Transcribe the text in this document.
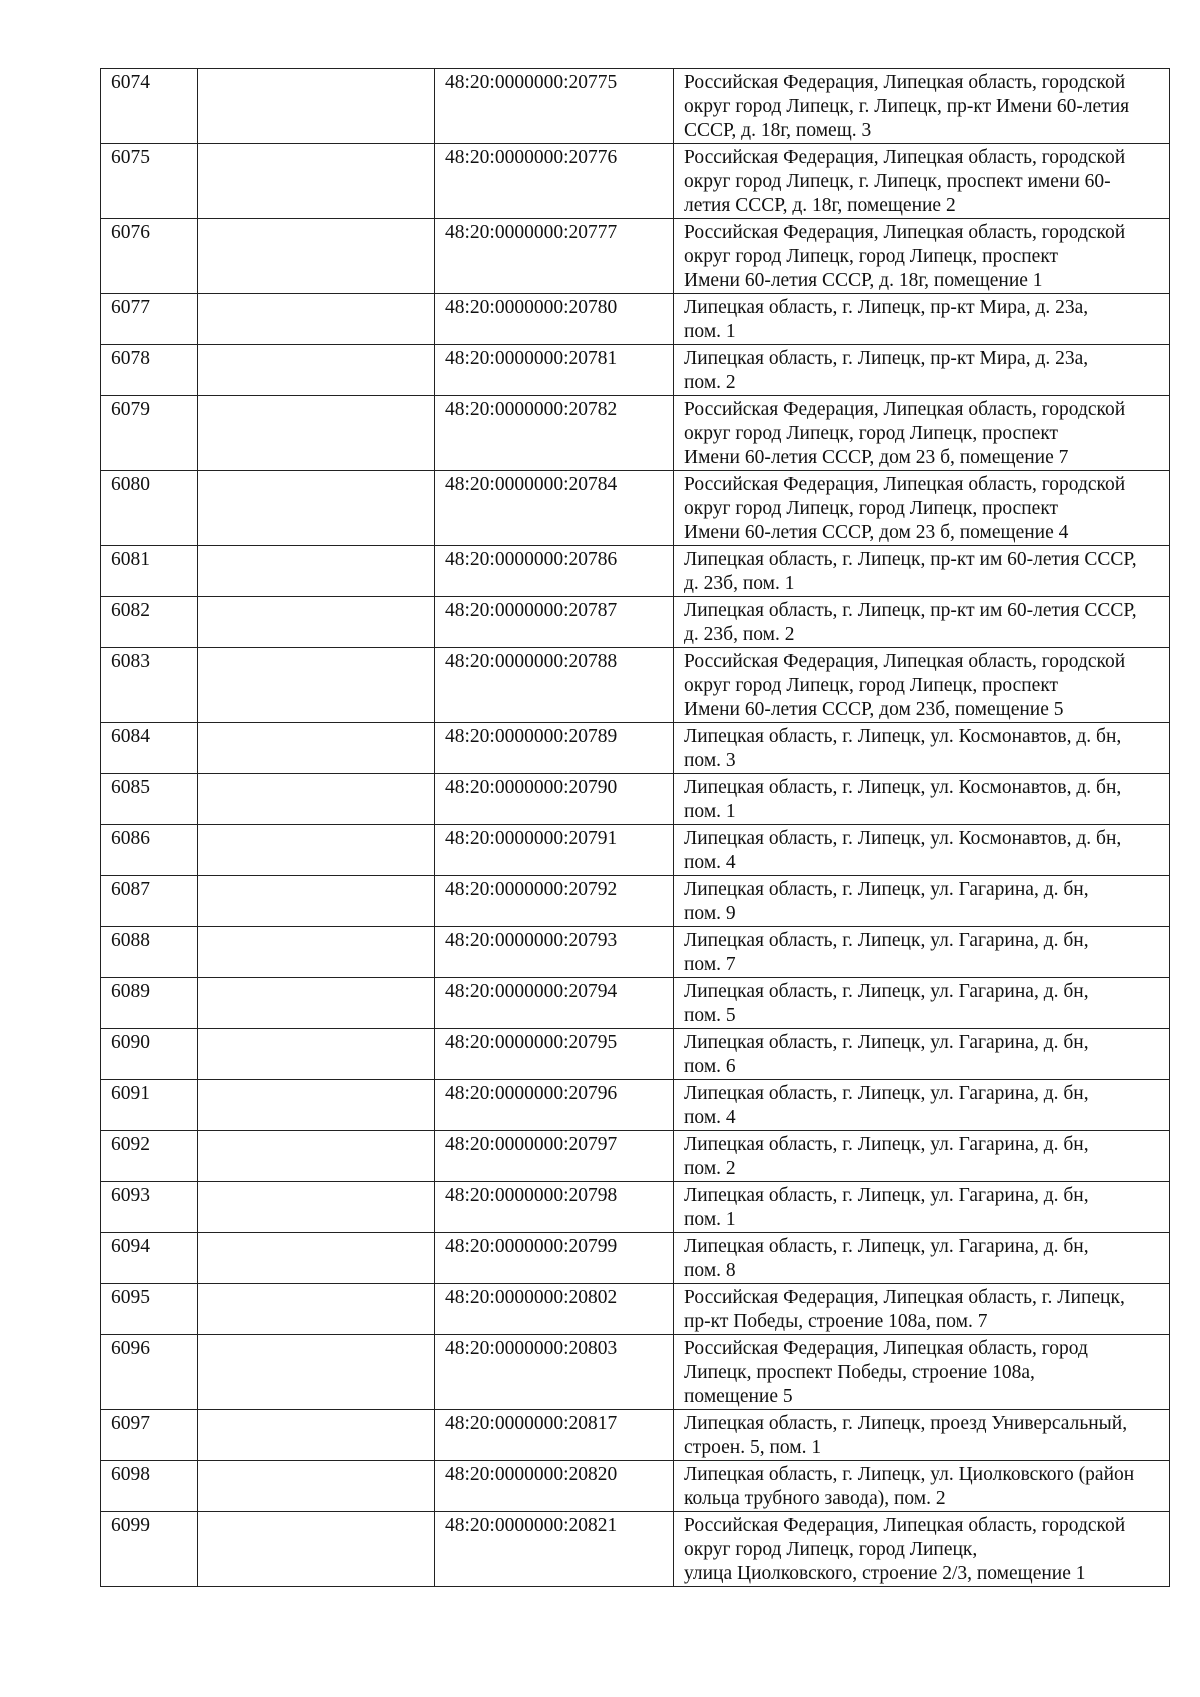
6074		48:20:0000000:20775	Российская Федерация, Липецкая область, городской
округ город Липецк, г. Липецк, пр-кт Имени 60-летия
СССР, д. 18г, помещ. 3
6075		48:20:0000000:20776	Российская Федерация, Липецкая область, городской
округ город Липецк, г. Липецк, проспект имени 60-
летия СССР, д. 18г, помещение 2
6076		48:20:0000000:20777	Российская Федерация, Липецкая область, городской
округ город Липецк, город Липецк, проспект
Имени 60-летия СССР, д. 18г, помещение 1
6077		48:20:0000000:20780	Липецкая область, г. Липецк, пр-кт Мира, д. 23а,
пом. 1
6078		48:20:0000000:20781	Липецкая область, г. Липецк, пр-кт Мира, д. 23а,
пом. 2
6079		48:20:0000000:20782	Российская Федерация, Липецкая область, городской
округ город Липецк, город Липецк, проспект
Имени 60-летия СССР, дом 23 б, помещение 7
6080		48:20:0000000:20784	Российская Федерация, Липецкая область, городской
округ город Липецк, город Липецк, проспект
Имени 60-летия СССР, дом 23 б, помещение 4
6081		48:20:0000000:20786	Липецкая область, г. Липецк, пр-кт им 60-летия СССР,
д. 23б, пом. 1
6082		48:20:0000000:20787	Липецкая область, г. Липецк, пр-кт им 60-летия СССР,
д. 23б, пом. 2
6083		48:20:0000000:20788	Российская Федерация, Липецкая область, городской
округ город Липецк, город Липецк, проспект
Имени 60-летия СССР, дом 23б, помещение 5
6084		48:20:0000000:20789	Липецкая область, г. Липецк, ул. Космонавтов, д. бн,
пом. 3
6085		48:20:0000000:20790	Липецкая область, г. Липецк, ул. Космонавтов, д. бн,
пом. 1
6086		48:20:0000000:20791	Липецкая область, г. Липецк, ул. Космонавтов, д. бн,
пом. 4
6087		48:20:0000000:20792	Липецкая область, г. Липецк, ул. Гагарина, д. бн,
пом. 9
6088		48:20:0000000:20793	Липецкая область, г. Липецк, ул. Гагарина, д. бн,
пом. 7
6089		48:20:0000000:20794	Липецкая область, г. Липецк, ул. Гагарина, д. бн,
пом. 5
6090		48:20:0000000:20795	Липецкая область, г. Липецк, ул. Гагарина, д. бн,
пом. 6
6091		48:20:0000000:20796	Липецкая область, г. Липецк, ул. Гагарина, д. бн,
пом. 4
6092		48:20:0000000:20797	Липецкая область, г. Липецк, ул. Гагарина, д. бн,
пом. 2
6093		48:20:0000000:20798	Липецкая область, г. Липецк, ул. Гагарина, д. бн,
пом. 1
6094		48:20:0000000:20799	Липецкая область, г. Липецк, ул. Гагарина, д. бн,
пом. 8
6095		48:20:0000000:20802	Российская Федерация, Липецкая область, г. Липецк,
пр-кт Победы, строение 108а, пом. 7
6096		48:20:0000000:20803	Российская Федерация, Липецкая область, город
Липецк, проспект Победы, строение 108а,
помещение 5
6097		48:20:0000000:20817	Липецкая область, г. Липецк, проезд Универсальный,
строен. 5, пом. 1
6098		48:20:0000000:20820	Липецкая область, г. Липецк, ул. Циолковского (район
кольца трубного завода), пом. 2
6099		48:20:0000000:20821	Российская Федерация, Липецкая область, городской
округ город Липецк, город Липецк,
улица Циолковского, строение 2/3, помещение 1
